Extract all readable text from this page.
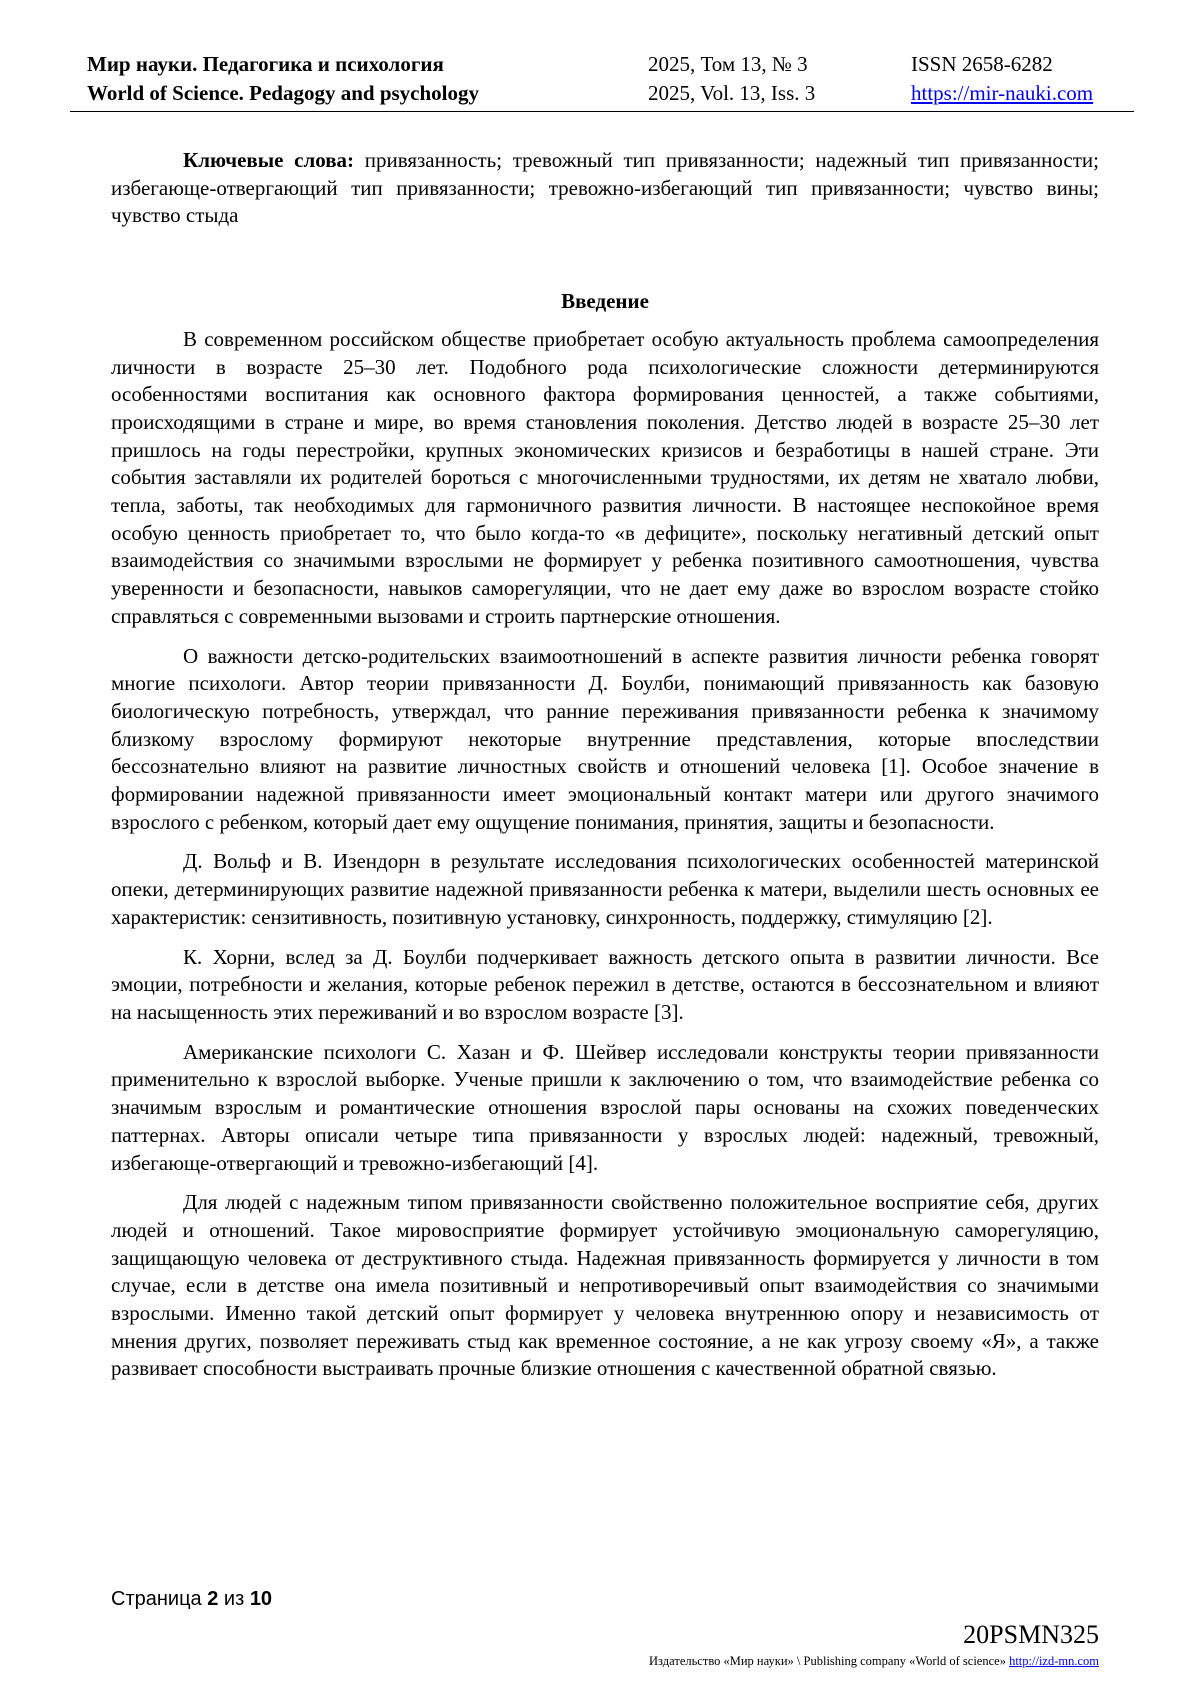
Мир науки. Педагогика и психология	2025, Том 13, № 3	ISSN 2658-6282
World of Science. Pedagogy and psychology	2025, Vol. 13, Iss. 3	https://mir-nauki.com

Ключевые слова: привязанность; тревожный тип привязанности; надежный тип привязанности; избегающе-отвергающий тип привязанности; тревожно-избегающий тип привязанности; чувство вины; чувство стыда

Введение

В современном российском обществе приобретает особую актуальность проблема самоопределения личности в возрасте 25–30 лет. Подобного рода психологические сложности детерминируются особенностями воспитания как основного фактора формирования ценностей, а также событиями, происходящими в стране и мире, во время становления поколения. Детство людей в возрасте 25–30 лет пришлось на годы перестройки, крупных экономических кризисов и безработицы в нашей стране. Эти события заставляли их родителей бороться с многочисленными трудностями, их детям не хватало любви, тепла, заботы, так необходимых для гармоничного развития личности. В настоящее неспокойное время особую ценность приобретает то, что было когда-то «в дефиците», поскольку негативный детский опыт взаимодействия со значимыми взрослыми не формирует у ребенка позитивного самоотношения, чувства уверенности и безопасности, навыков саморегуляции, что не дает ему даже во взрослом возрасте стойко справляться с современными вызовами и строить партнерские отношения.

О важности детско-родительских взаимоотношений в аспекте развития личности ребенка говорят многие психологи. Автор теории привязанности Д. Боулби, понимающий привязанность как базовую биологическую потребность, утверждал, что ранние переживания привязанности ребенка к значимому близкому взрослому формируют некоторые внутренние представления, которые впоследствии бессознательно влияют на развитие личностных свойств и отношений человека [1]. Особое значение в формировании надежной привязанности имеет эмоциональный контакт матери или другого значимого взрослого с ребенком, который дает ему ощущение понимания, принятия, защиты и безопасности.

Д. Вольф и В. Изендорн в результате исследования психологических особенностей материнской опеки, детерминирующих развитие надежной привязанности ребенка к матери, выделили шесть основных ее характеристик: сензитивность, позитивную установку, синхронность, поддержку, стимуляцию [2].

К. Хорни, вслед за Д. Боулби подчеркивает важность детского опыта в развитии личности. Все эмоции, потребности и желания, которые ребенок пережил в детстве, остаются в бессознательном и влияют на насыщенность этих переживаний и во взрослом возрасте [3].

Американские психологи С. Хазан и Ф. Шейвер исследовали конструкты теории привязанности применительно к взрослой выборке. Ученые пришли к заключению о том, что взаимодействие ребенка со значимым взрослым и романтические отношения взрослой пары основаны на схожих поведенческих паттернах. Авторы описали четыре типа привязанности у взрослых людей: надежный, тревожный, избегающе-отвергающий и тревожно-избегающий [4].

Для людей с надежным типом привязанности свойственно положительное восприятие себя, других людей и отношений. Такое мировосприятие формирует устойчивую эмоциональную саморегуляцию, защищающую человека от деструктивного стыда. Надежная привязанность формируется у личности в том случае, если в детстве она имела позитивный и непротиворечивый опыт взаимодействия со значимыми взрослыми. Именно такой детский опыт формирует у человека внутреннюю опору и независимость от мнения других, позволяет переживать стыд как временное состояние, а не как угрозу своему «Я», а также развивает способности выстраивать прочные близкие отношения с качественной обратной связью.

Страница 2 из 10
20PSMN325
Издательство «Мир науки» \ Publishing company «World of science» http://izd-mn.com
